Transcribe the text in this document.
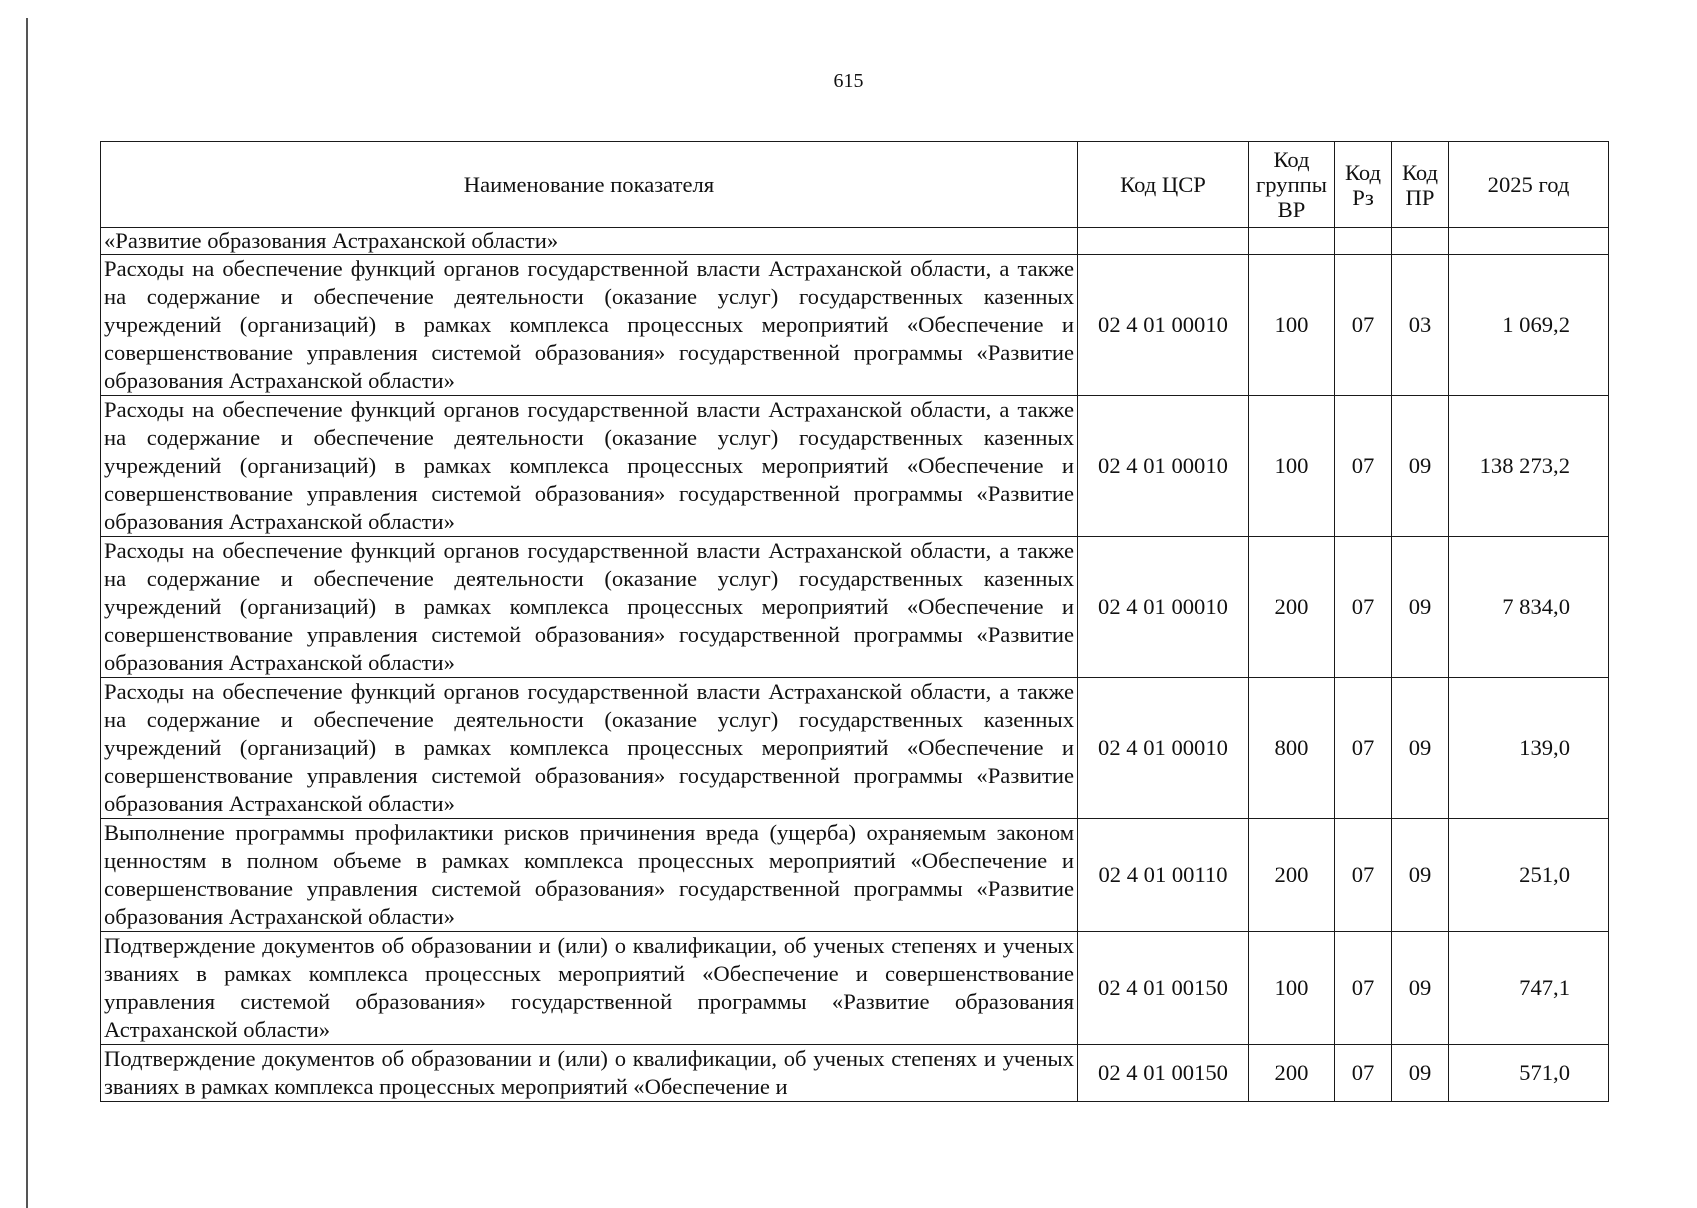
615
Наименование показателя	Код ЦСР	Код группы ВР	Код Рз	Код ПР	2025 год
«Развитие образования Астраханской области»					
Расходы на обеспечение функций органов государственной власти Астраханской области, а также на содержание и обеспечение деятельности (оказание услуг) государственных казенных учреждений (организаций) в рамках комплекса процессных мероприятий «Обеспечение и совершенствование управления системой образования» государственной программы «Развитие образования Астраханской области»	02 4 01 00010	100	07	03	1 069,2
Расходы на обеспечение функций органов государственной власти Астраханской области, а также на содержание и обеспечение деятельности (оказание услуг) государственных казенных учреждений (организаций) в рамках комплекса процессных мероприятий «Обеспечение и совершенствование управления системой образования» государственной программы «Развитие образования Астраханской области»	02 4 01 00010	100	07	09	138 273,2
Расходы на обеспечение функций органов государственной власти Астраханской области, а также на содержание и обеспечение деятельности (оказание услуг) государственных казенных учреждений (организаций) в рамках комплекса процессных мероприятий «Обеспечение и совершенствование управления системой образования» государственной программы «Развитие образования Астраханской области»	02 4 01 00010	200	07	09	7 834,0
Расходы на обеспечение функций органов государственной власти Астраханской области, а также на содержание и обеспечение деятельности (оказание услуг) государственных казенных учреждений (организаций) в рамках комплекса процессных мероприятий «Обеспечение и совершенствование управления системой образования» государственной программы «Развитие образования Астраханской области»	02 4 01 00010	800	07	09	139,0
Выполнение программы профилактики рисков причинения вреда (ущерба) охраняемым законом ценностям в полном объеме в рамках комплекса процессных мероприятий «Обеспечение и совершенствование управления системой образования» государственной программы «Развитие образования Астраханской области»	02 4 01 00110	200	07	09	251,0
Подтверждение документов об образовании и (или) о квалификации, об ученых степенях и ученых званиях в рамках комплекса процессных мероприятий «Обеспечение и совершенствование управления системой образования» государственной программы «Развитие образования Астраханской области»	02 4 01 00150	100	07	09	747,1
Подтверждение документов об образовании и (или) о квалификации, об ученых степенях и ученых званиях в рамках комплекса процессных мероприятий «Обеспечение и	02 4 01 00150	200	07	09	571,0
